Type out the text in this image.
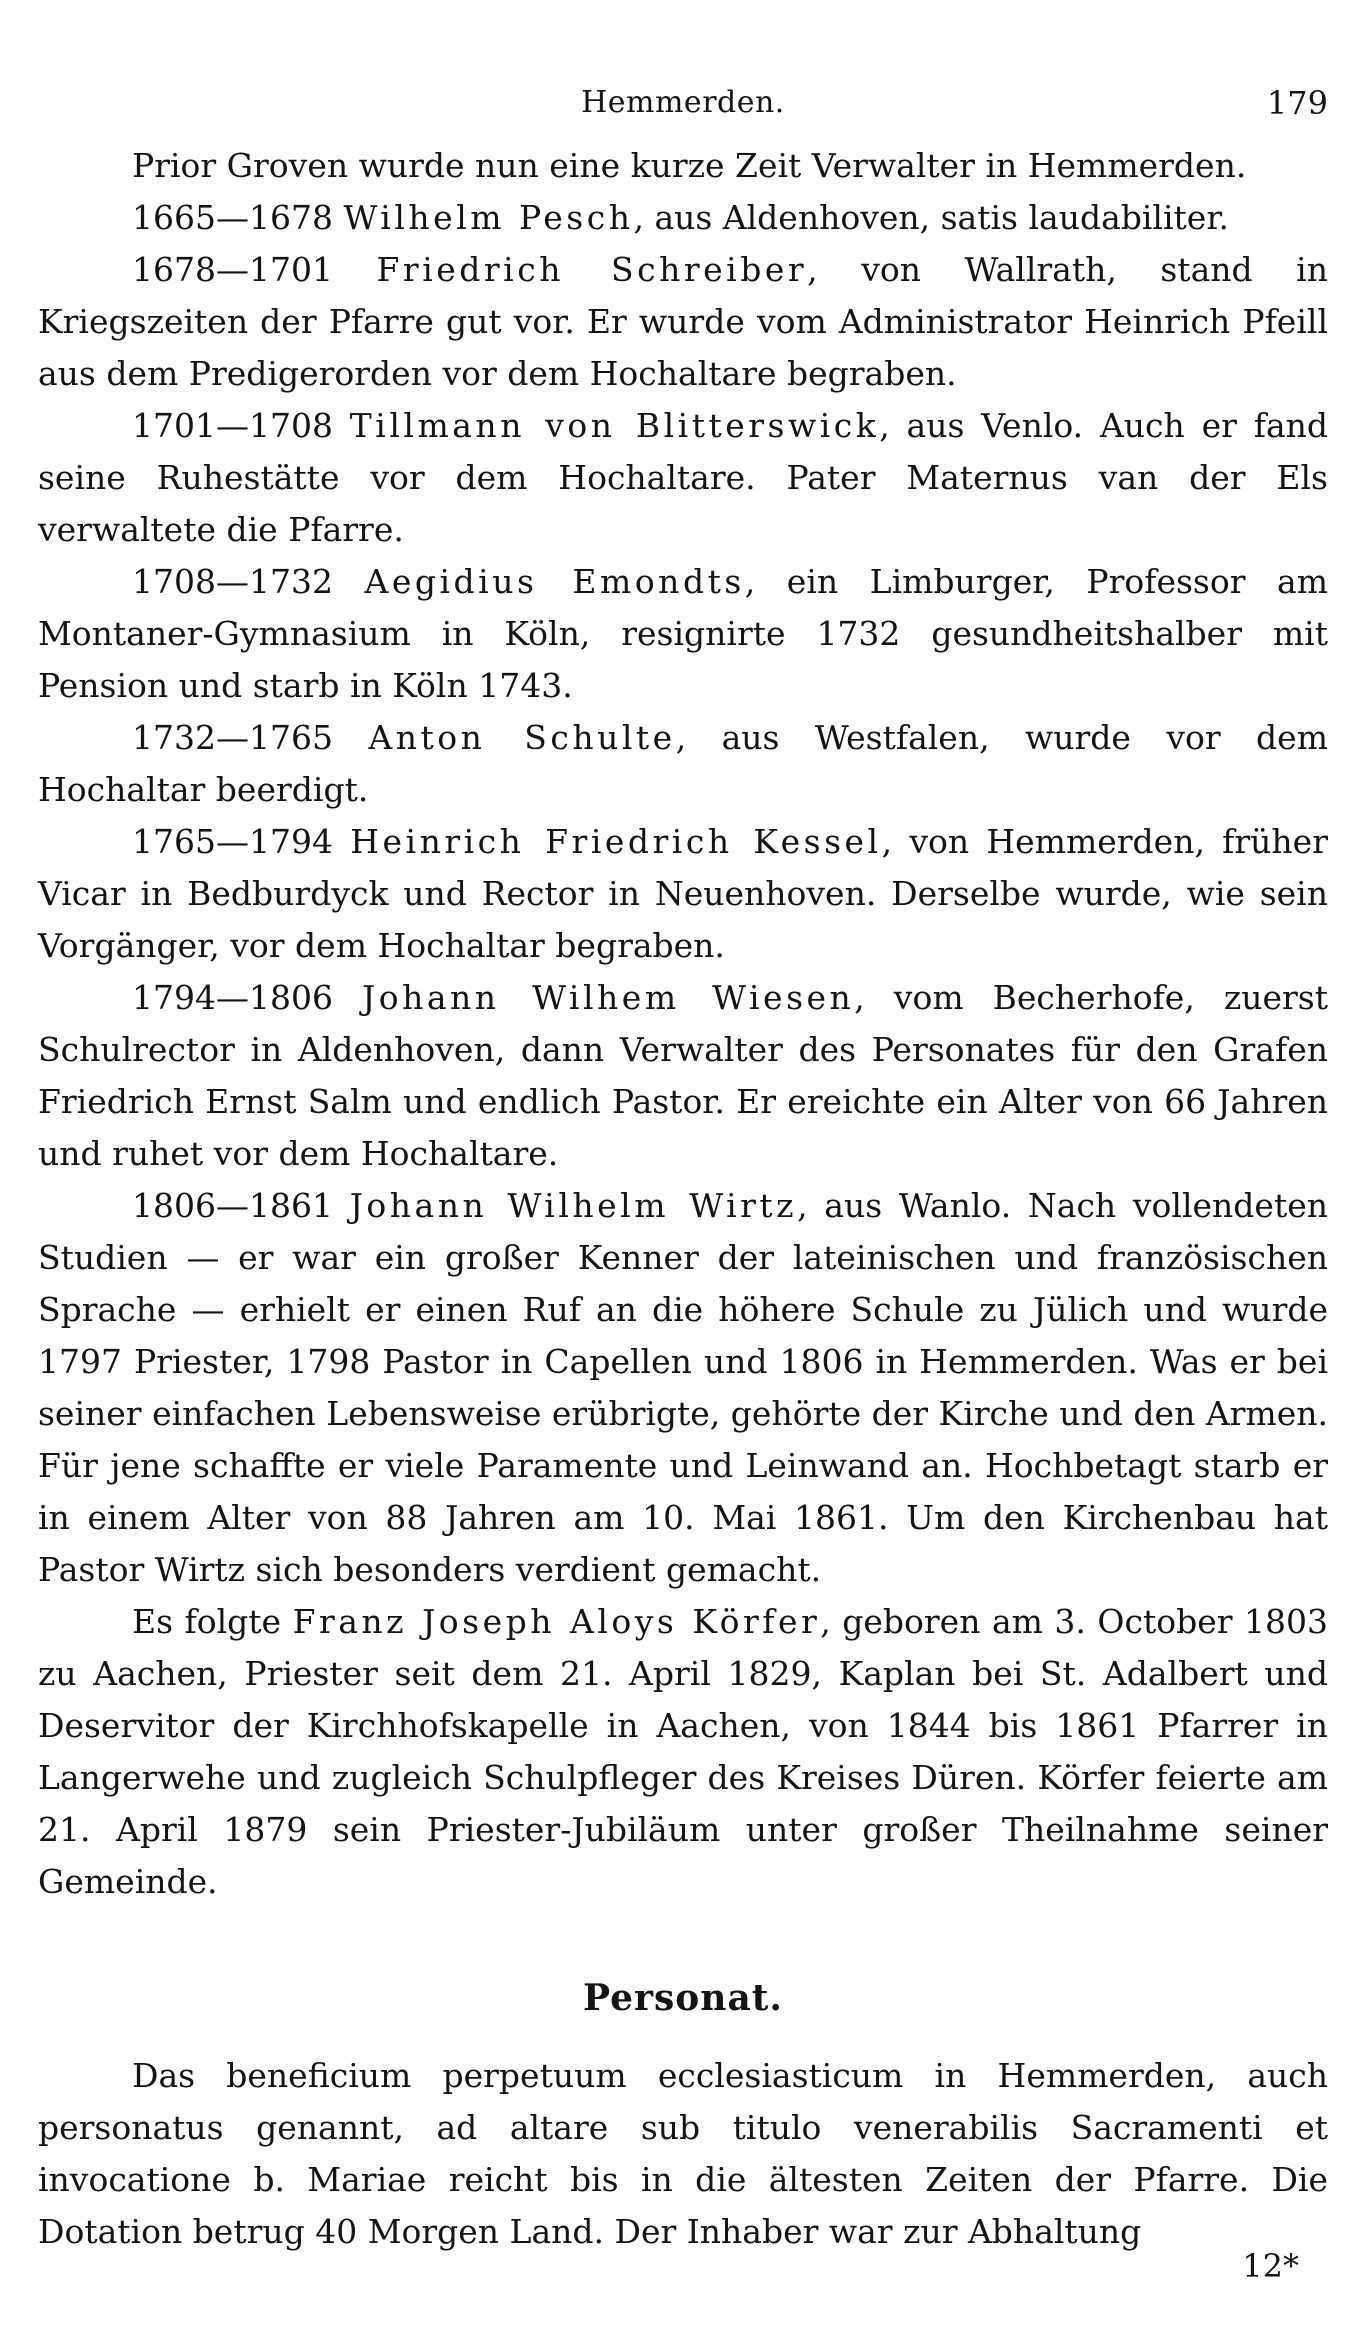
Hemmerden.	179

Prior Groven wurde nun eine kurze Zeit Verwalter in Hemmerden.

1665—1678 Wilhelm Pesch, aus Aldenhoven, satis laudabiliter.

1678—1701 Friedrich Schreiber, von Wallrath, stand in Kriegszeiten der Pfarre gut vor. Er wurde vom Administrator Heinrich Pfeill aus dem Predigerorden vor dem Hochaltare begraben.

1701—1708 Tillmann von Blitterswick, aus Venlo. Auch er fand seine Ruhestätte vor dem Hochaltare. Pater Maternus van der Els verwaltete die Pfarre.

1708—1732 Aegidius Emondts, ein Limburger, Professor am Montaner-Gymnasium in Köln, resignirte 1732 gesundheitshalber mit Pension und starb in Köln 1743.

1732—1765 Anton Schulte, aus Westfalen, wurde vor dem Hochaltar beerdigt.

1765—1794 Heinrich Friedrich Kessel, von Hemmerden, früher Vicar in Bedburdyck und Rector in Neuenhoven. Derselbe wurde, wie sein Vorgänger, vor dem Hochaltar begraben.

1794—1806 Johann Wilhem Wiesen, vom Becherhofe, zuerst Schulrector in Aldenhoven, dann Verwalter des Personates für den Grafen Friedrich Ernst Salm und endlich Pastor. Er ereichte ein Alter von 66 Jahren und ruhet vor dem Hochaltare.

1806—1861 Johann Wilhelm Wirtz, aus Wanlo. Nach vollendeten Studien — er war ein großer Kenner der lateinischen und französischen Sprache — erhielt er einen Ruf an die höhere Schule zu Jülich und wurde 1797 Priester, 1798 Pastor in Capellen und 1806 in Hemmerden. Was er bei seiner einfachen Lebensweise erübrigte, gehörte der Kirche und den Armen. Für jene schaffte er viele Paramente und Leinwand an. Hochbetagt starb er in einem Alter von 88 Jahren am 10. Mai 1861. Um den Kirchenbau hat Pastor Wirtz sich besonders verdient gemacht.

Es folgte Franz Joseph Aloys Körfer, geboren am 3. October 1803 zu Aachen, Priester seit dem 21. April 1829, Kaplan bei St. Adalbert und Deservitor der Kirchhofskapelle in Aachen, von 1844 bis 1861 Pfarrer in Langerwehe und zugleich Schulpfleger des Kreises Düren. Körfer feierte am 21. April 1879 sein Priester-Jubiläum unter großer Theilnahme seiner Gemeinde.

Personat.

Das beneficium perpetuum ecclesiasticum in Hemmerden, auch personatus genannt, ad altare sub titulo venerabilis Sacramenti et invocatione b. Mariae reicht bis in die ältesten Zeiten der Pfarre. Die Dotation betrug 40 Morgen Land. Der Inhaber war zur Abhaltung

12*
